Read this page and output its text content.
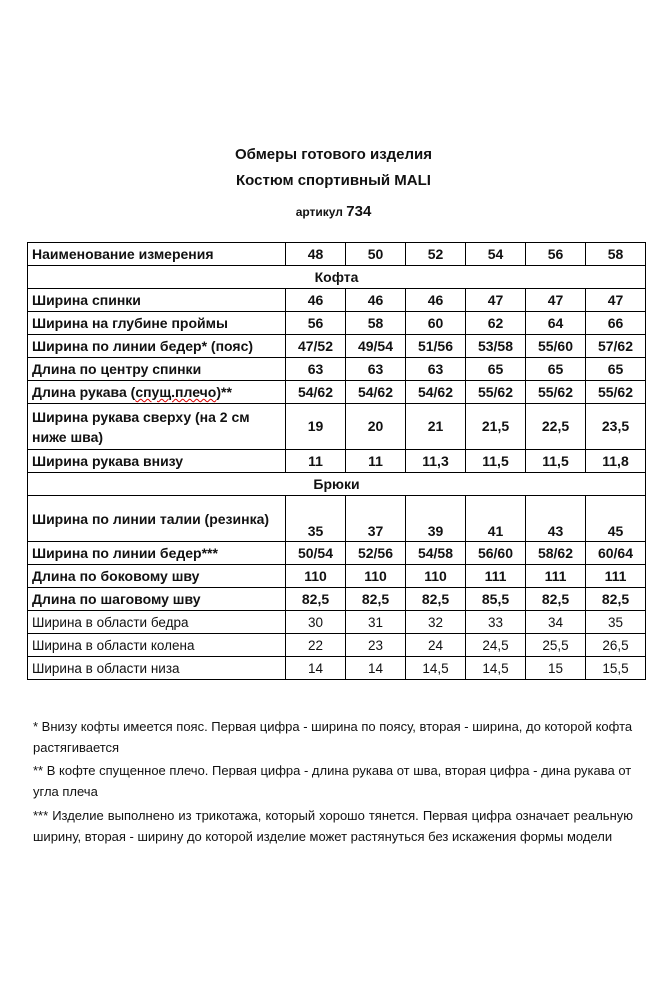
Обмеры готового изделия
Костюм спортивный MALI
артикул 734
Наименование измерения	48	50	52	54	56	58
Кофта						
Ширина спинки	46	46	46	47	47	47
Ширина на глубине проймы	56	58	60	62	64	66
Ширина по линии бедер* (пояс)	47/52	49/54	51/56	53/58	55/60	57/62
Длина по центру спинки	63	63	63	65	65	65
Длина рукава (спущ.плечо)**	54/62	54/62	54/62	55/62	55/62	55/62
Ширина рукава сверху (на 2 см ниже шва)	19	20	21	21,5	22,5	23,5
Ширина рукава внизу	11	11	11,3	11,5	11,5	11,8
Брюки						
Ширина по линии талии (резинка)	35	37	39	41	43	45
Ширина по линии бедер***	50/54	52/56	54/58	56/60	58/62	60/64
Длина по боковому шву	110	110	110	111	111	111
Длина по шаговому шву	82,5	82,5	82,5	85,5	82,5	82,5
Ширина в области бедра	30	31	32	33	34	35
Ширина в области колена	22	23	24	24,5	25,5	26,5
Ширина в области низа	14	14	14,5	14,5	15	15,5
* Внизу кофты имеется пояс. Первая цифра - ширина по поясу, вторая - ширина, до которой кофта растягивается
** В кофте спущенное плечо. Первая цифра - длина рукава от шва, вторая цифра - дина рукава от угла плеча
*** Изделие выполнено из трикотажа, который хорошо тянется. Первая цифра означает реальную ширину, вторая - ширину до которой изделие может растянуться без искажения формы модели
